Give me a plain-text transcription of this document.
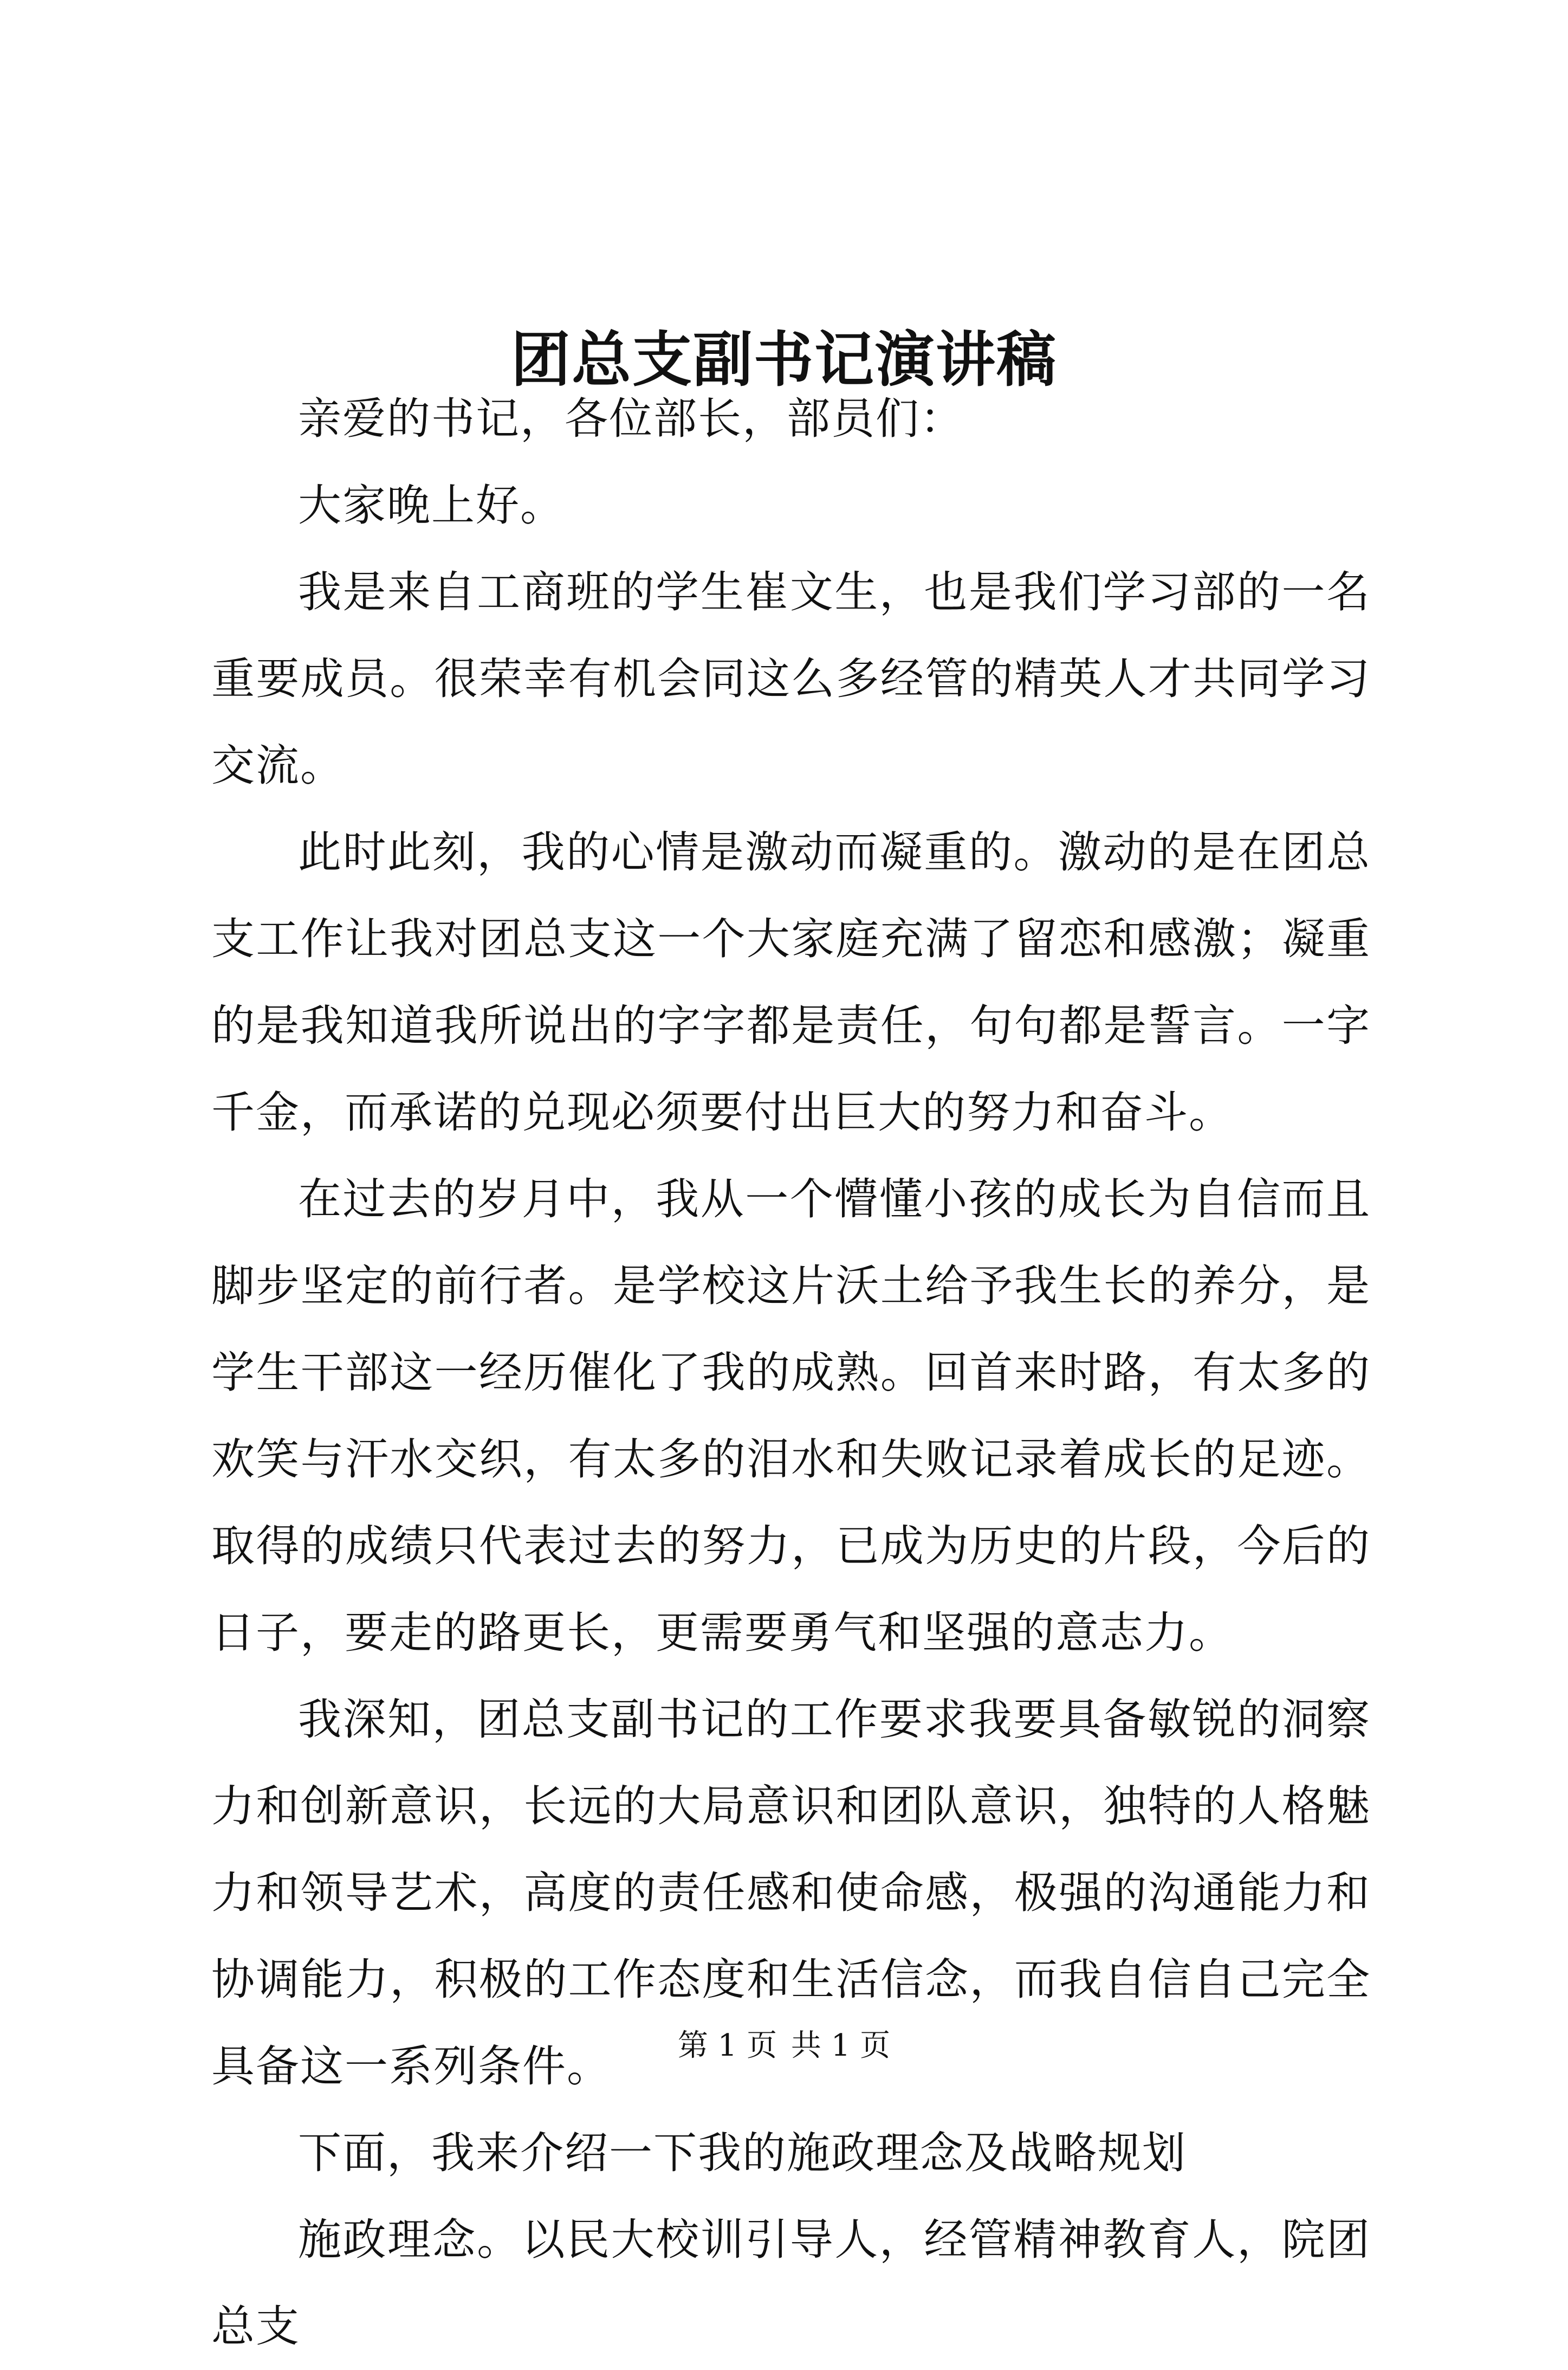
团总支副书记演讲稿

亲爱的书记，各位部长，部员们：

大家晚上好。

我是来自工商班的学生崔文生，也是我们学习部的一名重要成员。很荣幸有机会同这么多经管的精英人才共同学习交流。

此时此刻，我的心情是激动而凝重的。激动的是在团总支工作让我对团总支这一个大家庭充满了留恋和感激；凝重的是我知道我所说出的字字都是责任，句句都是誓言。一字千金，而承诺的兑现必须要付出巨大的努力和奋斗。

在过去的岁月中，我从一个懵懂小孩的成长为自信而且脚步坚定的前行者。是学校这片沃土给予我生长的养分，是学生干部这一经历催化了我的成熟。回首来时路，有太多的欢笑与汗水交织，有太多的泪水和失败记录着成长的足迹。取得的成绩只代表过去的努力，已成为历史的片段，今后的日子，要走的路更长，更需要勇气和坚强的意志力。

我深知，团总支副书记的工作要求我要具备敏锐的洞察力和创新意识，长远的大局意识和团队意识，独特的人格魅力和领导艺术，高度的责任感和使命感，极强的沟通能力和协调能力，积极的工作态度和生活信念，而我自信自己完全具备这一系列条件。

下面，我来介绍一下我的施政理念及战略规划

施政理念。以民大校训引导人，经管精神教育人，院团总支

第 1 页 共 1 页
